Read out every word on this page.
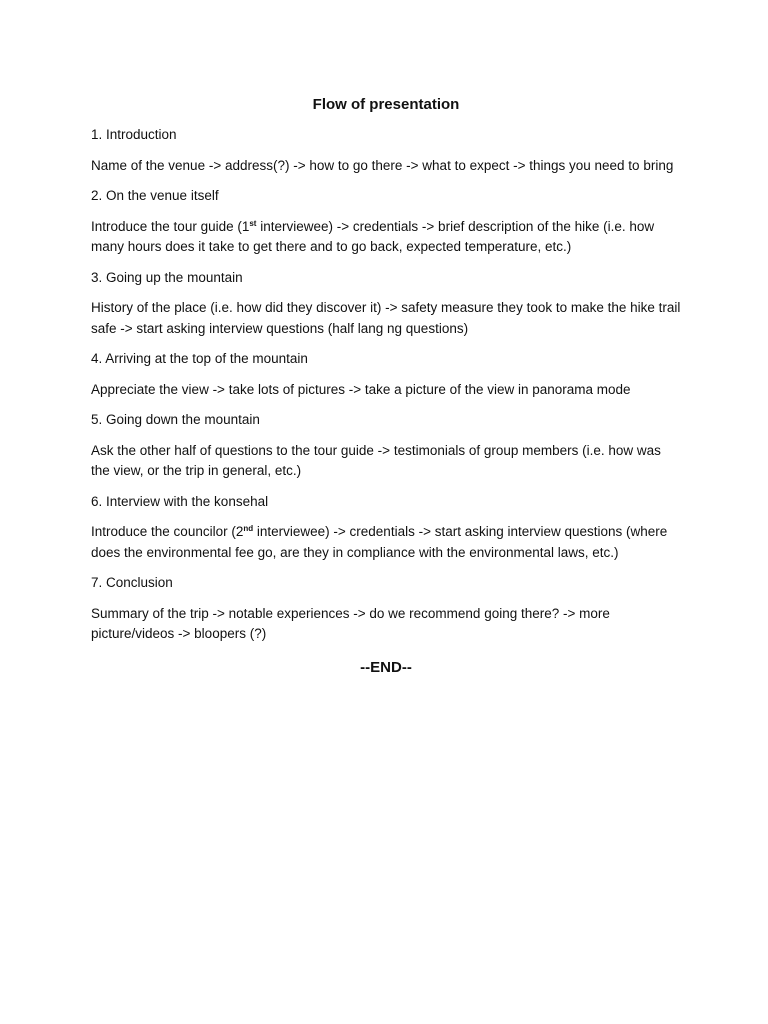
Flow of presentation
1. Introduction
Name of the venue -> address(?) -> how to go there -> what to expect -> things you need to bring
2. On the venue itself
Introduce the tour guide (1st interviewee) -> credentials -> brief description of the hike (i.e. how many hours does it take to get there and to go back, expected temperature, etc.)
3. Going up the mountain
History of the place (i.e. how did they discover it) -> safety measure they took to make the hike trail safe -> start asking interview questions (half lang ng questions)
4. Arriving at the top of the mountain
Appreciate the view -> take lots of pictures -> take a picture of the view in panorama mode
5. Going down the mountain
Ask the other half of questions to the tour guide -> testimonials of group members (i.e. how was the view, or the trip in general, etc.)
6. Interview with the konsehal
Introduce the councilor (2nd interviewee) -> credentials -> start asking interview questions (where does the environmental fee go, are they in compliance with the environmental laws, etc.)
7. Conclusion
Summary of the trip -> notable experiences -> do we recommend going there? -> more picture/videos -> bloopers (?)
--END--
